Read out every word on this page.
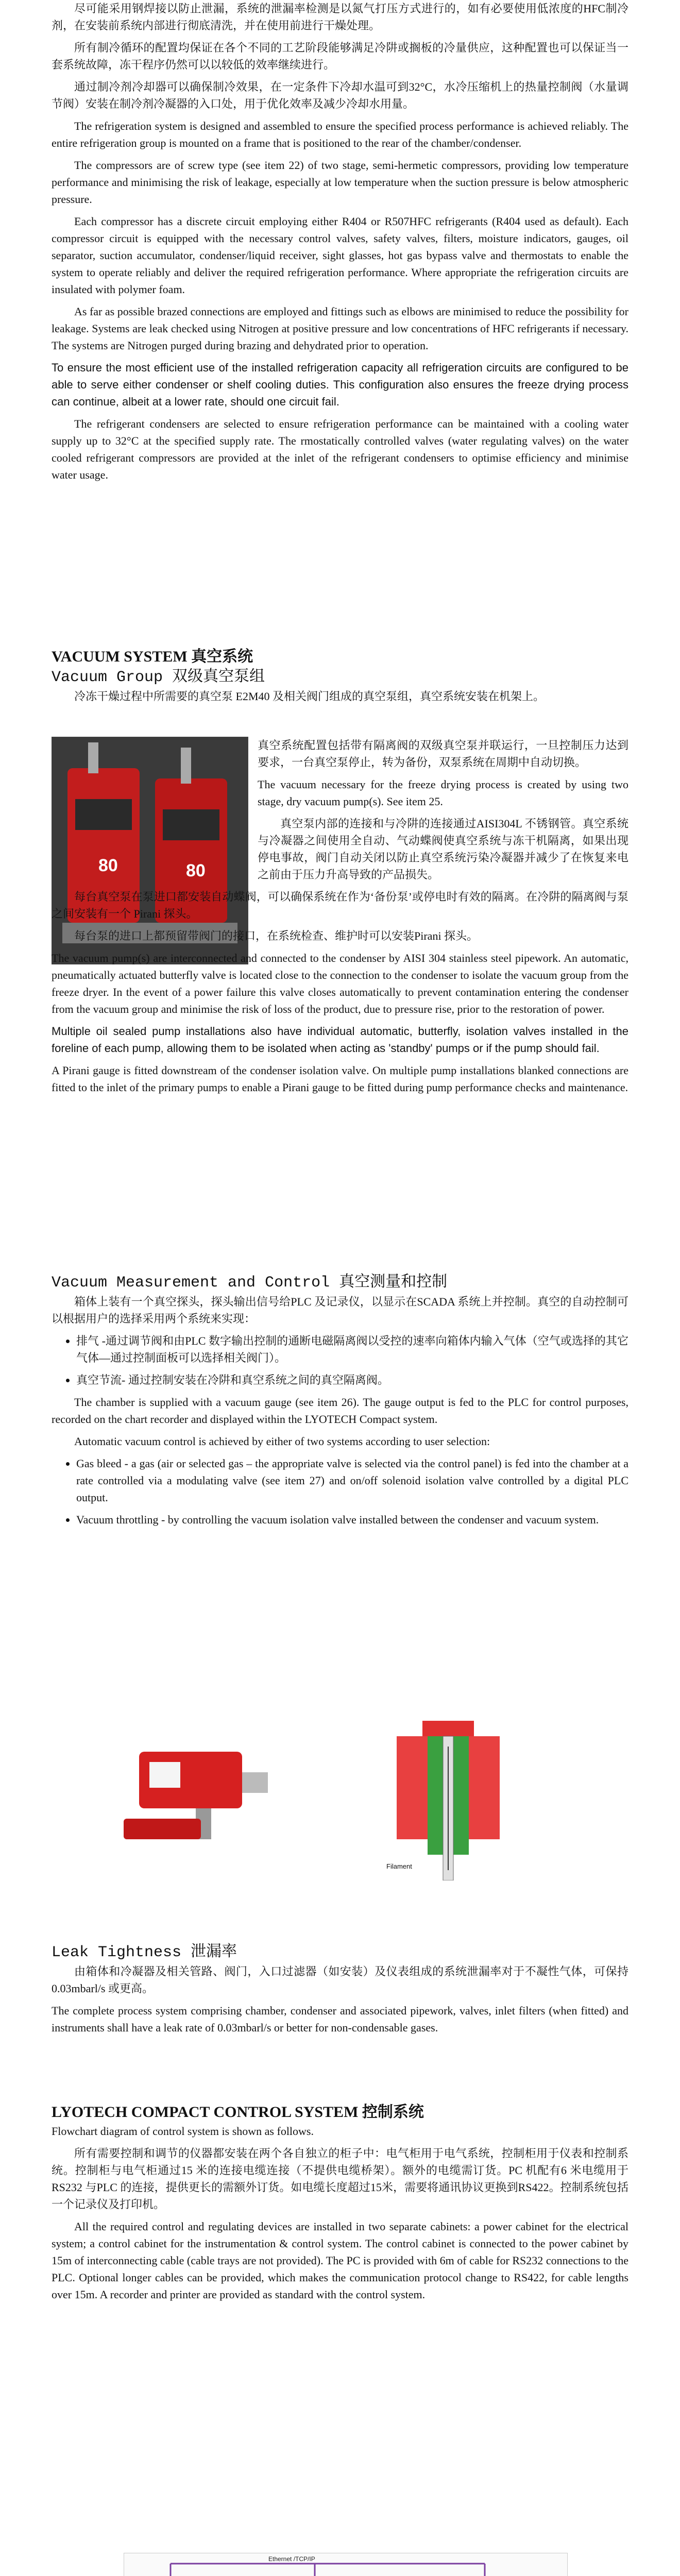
尽可能采用钢焊接以防止泄漏，系统的泄漏率检测是以氮气打压方式进行的，如有必要使用低浓度的HFC制冷剂，在安装前系统内部进行彻底清洗，并在使用前进行干燥处理。

所有制冷循环的配置均保证在各个不同的工艺阶段能够满足冷阱或搁板的冷量供应，这种配置也可以保证当一套系统故障，冻干程序仍然可以以较低的效率继续进行。

通过制冷剂冷却器可以确保制冷效果，在一定条件下冷却水温可到32°C，水冷压缩机上的热量控制阀（水量调节阀）安装在制冷剂冷凝器的入口处，用于优化效率及减少冷却水用量。

The refrigeration system is designed and assembled to ensure the specified process performance is achieved reliably. The entire refrigeration group is mounted on a frame that is positioned to the rear of the chamber/condenser.

The compressors are of screw type (see item 22) of two stage, semi-hermetic compressors, providing low temperature performance and minimising the risk of leakage, especially at low temperature when the suction pressure is below atmospheric pressure.

Each compressor has a discrete circuit employing either R404 or R507HFC refrigerants (R404 used as default). Each compressor circuit is equipped with the necessary control valves, safety valves, filters, moisture indicators, gauges, oil separator, suction accumulator, condenser/liquid receiver, sight glasses, hot gas bypass valve and thermostats to enable the system to operate reliably and deliver the required refrigeration performance. Where appropriate the refrigeration circuits are insulated with polymer foam.

As far as possible brazed connections are employed and fittings such as elbows are minimised to reduce the possibility for leakage. Systems are leak checked using Nitrogen at positive pressure and low concentrations of HFC refrigerants if necessary. The systems are Nitrogen purged during brazing and dehydrated prior to operation.

To ensure the most efficient use of the installed refrigeration capacity all refrigeration circuits are configured to be able to serve either condenser or shelf cooling duties. This configuration also ensures the freeze drying process can continue, albeit at a lower rate, should one circuit fail.

The refrigerant condensers are selected to ensure refrigeration performance can be maintained with a cooling water supply up to 32°C at the specified supply rate. The rmostatically controlled valves (water regulating valves) on the water cooled refrigerant compressors are provided at the inlet of the refrigerant condensers to optimise efficiency and minimise water usage.

VACUUM SYSTEM 真空系统
Vacuum Group 双级真空泵组

冷冻干燥过程中所需要的真空泵 E2M40 及相关阀门组成的真空泵组，真空系统安装在机架上。

80	80

真空系统配置包括带有隔离阀的双级真空泵并联运行，一旦控制压力达到要求，一台真空泵停止，转为备份，双泵系统在周期中自动切换。

The vacuum necessary for the freeze drying process is created by using two stage, dry vacuum pump(s). See item 25.

真空泵内部的连接和与冷阱的连接通过AISI304L 不锈钢管。真空系统与冷凝器之间使用全自动、气动蝶阀使真空系统与冻干机隔离，如果出现停电事故，阀门自动关闭以防止真空系统污染冷凝器并减少了在恢复来电之前由于压力升高导致的产品损失。

每台真空泵在泵进口都安装自动蝶阀，可以确保系统在作为‘备份泵’或停电时有效的隔离。在冷阱的隔离阀与泵之间安装有一个 Pirani 探头。

每台泵的进口上都预留带阀门的接口，在系统检查、维护时可以安装Pirani 探头。

The vacuum pump(s) are interconnected and connected to the condenser by AISI 304 stainless steel pipework. An automatic, pneumatically actuated butterfly valve is located close to the connection to the condenser to isolate the vacuum group from the freeze dryer. In the event of a power failure this valve closes automatically to prevent contamination entering the condenser from the vacuum group and minimise the risk of loss of the product, due to pressure rise, prior to the restoration of power.

Multiple oil sealed pump installations also have individual automatic, butterfly, isolation valves installed in the foreline of each pump, allowing them to be isolated when acting as 'standby' pumps or if the pump should fail.

A Pirani gauge is fitted downstream of the condenser isolation valve. On multiple pump installations blanked connections are fitted to the inlet of the primary pumps to enable a Pirani gauge to be fitted during pump performance checks and maintenance.

Vacuum Measurement and Control 真空测量和控制

箱体上装有一个真空探头，探头输出信号给PLC 及记录仪，以显示在SCADA 系统上并控制。真空的自动控制可以根据用户的选择采用两个系统来实现：

• 排气 -通过调节阀和由PLC 数字输出控制的通断电磁隔离阀以受控的速率向箱体内输入气体（空气或选择的其它气体—通过控制面板可以选择相关阀门）。
• 真空节流- 通过控制安装在冷阱和真空系统之间的真空隔离阀。

The chamber is supplied with a vacuum gauge (see item 26). The gauge output is fed to the PLC for control purposes, recorded on the chart recorder and displayed within the LYOTECH Compact system.

Automatic vacuum control is achieved by either of two systems according to user selection:

• Gas bleed - a gas (air or selected gas – the appropriate valve is selected via the control panel) is fed into the chamber at a rate controlled via a modulating valve (see item 27) and on/off solenoid isolation valve controlled by a digital PLC output.
• Vacuum throttling - by controlling the vacuum isolation valve installed between the condenser and vacuum system.
Filament
Leak Tightness 泄漏率

由箱体和冷凝器及相关管路、阀门，入口过滤器（如安装）及仪表组成的系统泄漏率对于不凝性气体，可保持0.03mbarl/s 或更高。

The complete process system comprising chamber, condenser and associated pipework, valves, inlet filters (when fitted) and instruments shall have a leak rate of 0.03mbarl/s or better for non-condensable gases.

LYOTECH COMPACT CONTROL SYSTEM 控制系统

Flowchart diagram of control system is shown as follows.

所有需要控制和调节的仪器都安装在两个各自独立的柜子中：电气柜用于电气系统，控制柜用于仪表和控制系统。控制柜与电气柜通过15 米的连接电缆连接（不提供电缆桥架）。额外的电缆需订货。PC 机配有6 米电缆用于RS232 与PLC 的连接，提供更长的需额外订货。如电缆长度超过15米，需要将通讯协议更换到RS422。控制系统包括一个记录仪及打印机。

All the required control and regulating devices are installed in two separate cabinets: a power cabinet for the electrical system; a control cabinet for the instrumentation & control system. The control cabinet is connected to the power cabinet by 15m of interconnecting cable (cable trays are not provided). The PC is provided with 6m of cable for RS232 connections to the PLC. Optional longer cables can be provided, which makes the communication protocol change to RS422, for cable lengths over 15m. A recorder and printer are provided as standard with the control system.

Ethernet /TCP/IP
